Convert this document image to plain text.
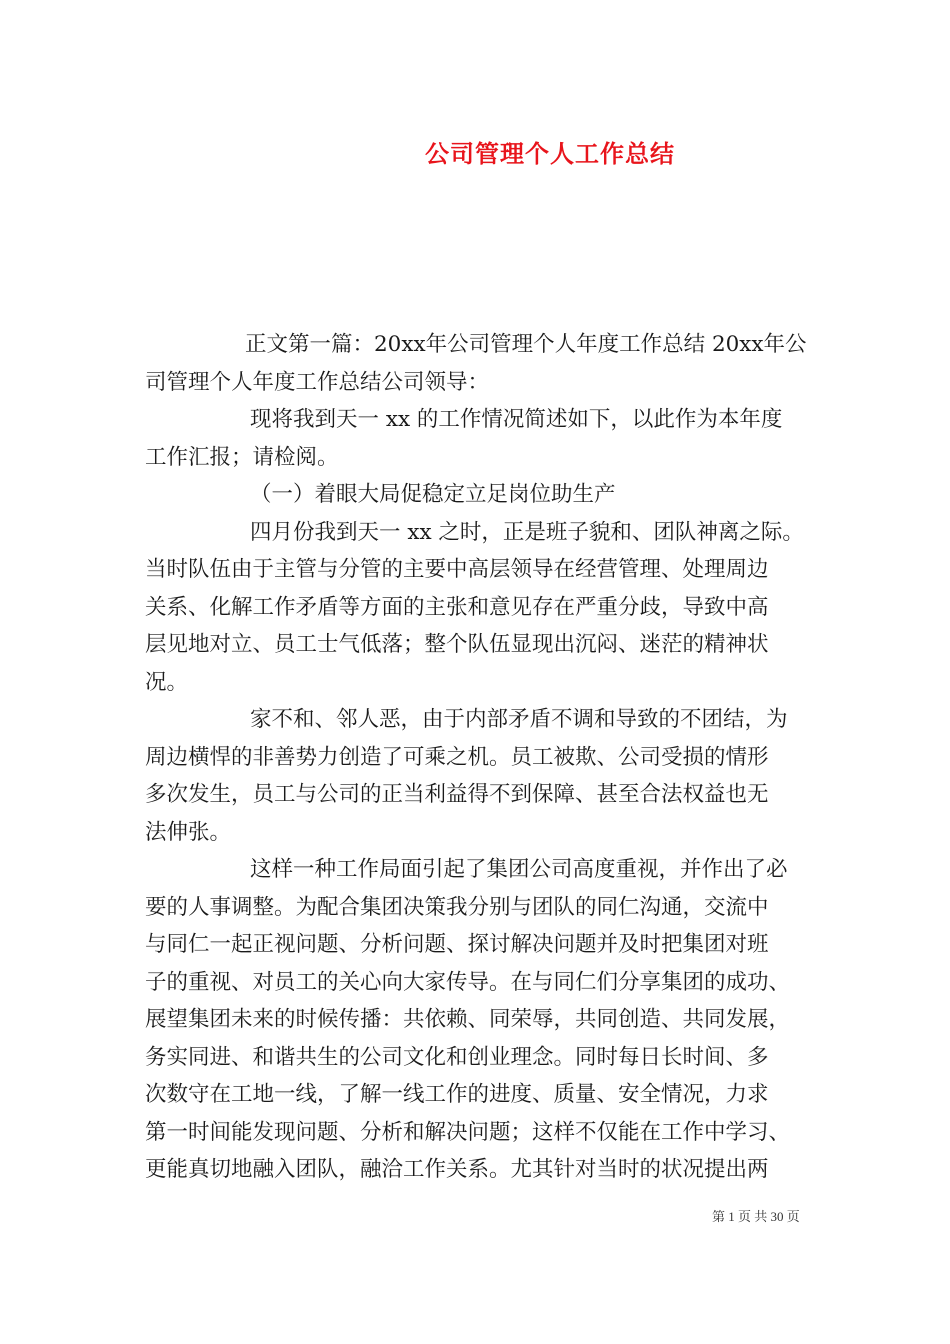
公司管理个人工作总结
正文第一篇：20xx年公司管理个人年度工作总结 20xx年公
司管理个人年度工作总结公司领导：
现将我到天一 xx 的工作情况简述如下，以此作为本年度
工作汇报；请检阅。
（一）着眼大局促稳定立足岗位助生产
四月份我到天一 xx 之时，正是班子貌和、团队神离之际。
当时队伍由于主管与分管的主要中高层领导在经营管理、处理周边
关系、化解工作矛盾等方面的主张和意见存在严重分歧，导致中高
层见地对立、员工士气低落；整个队伍显现出沉闷、迷茫的精神状
况。
家不和、邻人恶，由于内部矛盾不调和导致的不团结，为
周边横悍的非善势力创造了可乘之机。员工被欺、公司受损的情形
多次发生，员工与公司的正当利益得不到保障、甚至合法权益也无
法伸张。
这样一种工作局面引起了集团公司高度重视，并作出了必
要的人事调整。为配合集团决策我分别与团队的同仁沟通，交流中
与同仁一起正视问题、分析问题、探讨解决问题并及时把集团对班
子的重视、对员工的关心向大家传导。在与同仁们分享集团的成功、
展望集团未来的时候传播：共依赖、同荣辱，共同创造、共同发展，
务实同进、和谐共生的公司文化和创业理念。同时每日长时间、多
次数守在工地一线，了解一线工作的进度、质量、安全情况，力求
第一时间能发现问题、分析和解决问题；这样不仅能在工作中学习、
更能真切地融入团队，融洽工作关系。尤其针对当时的状况提出两
第 1 页 共 30 页
